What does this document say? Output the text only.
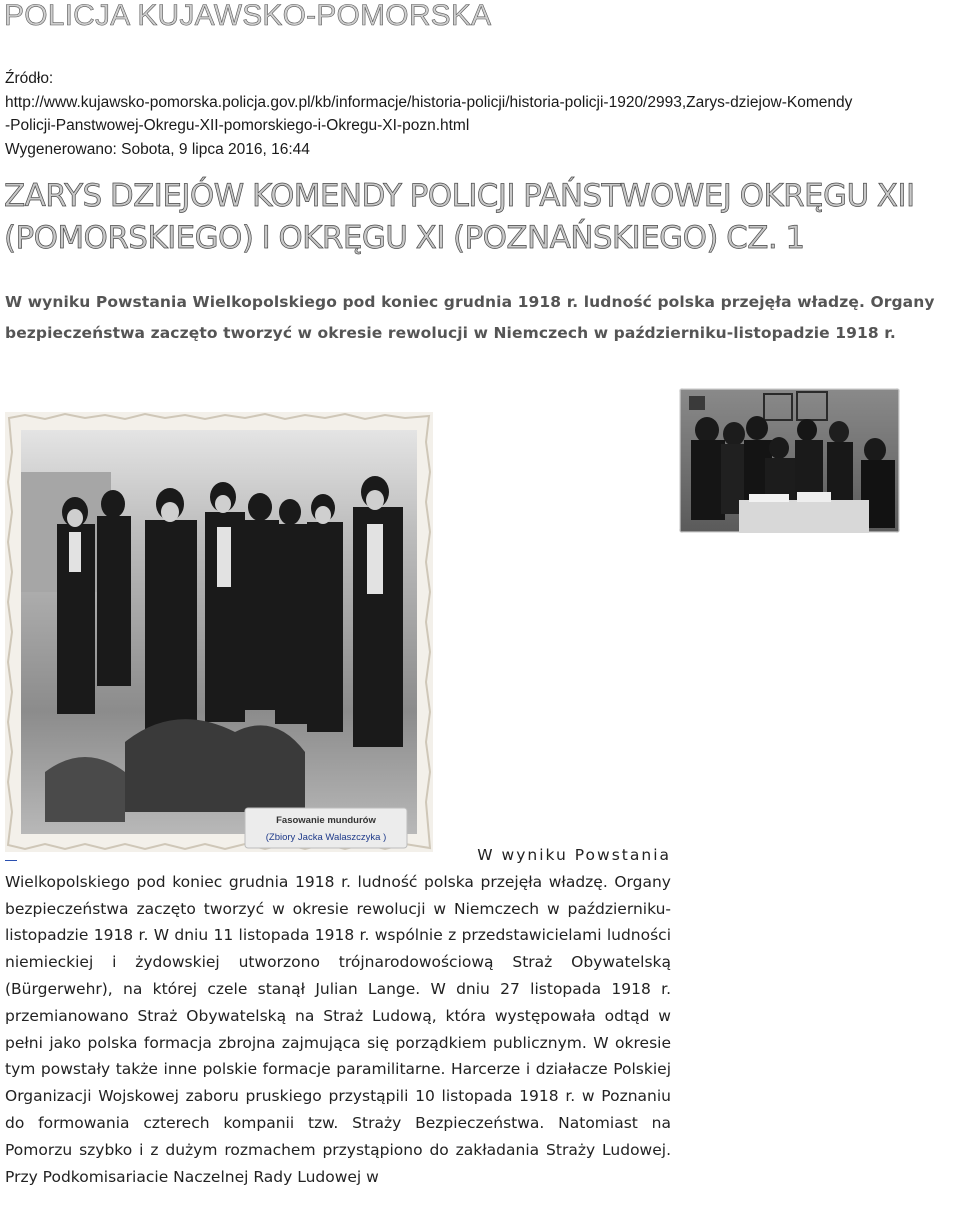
POLICJA KUJAWSKO-POMORSKA
Źródło:
http://www.kujawsko-pomorska.policja.gov.pl/kb/informacje/historia-policji/historia-policji-1920/2993,Zarys-dziejow-Komendy
-Policji-Panstwowej-Okregu-XII-pomorskiego-i-Okregu-XI-pozn.html
Wygenerowano: Sobota, 9 lipca 2016, 16:44
ZARYS DZIEJÓW KOMENDY POLICJI PAŃSTWOWEJ OKRĘGU XII (POMORSKIEGO) I OKRĘGU XI (POZNAŃSKIEGO) CZ. 1
W wyniku Powstania Wielkopolskiego pod koniec grudnia 1918 r. ludność polska przejęła władzę. Organy bezpieczeństwa zaczęto tworzyć w okresie rewolucji w Niemczech w październiku-listopadzie 1918 r.
Fasowanie mundurów
(Zbiory Jacka Walaszczyka )
W wyniku Powstania
Wielkopolskiego pod koniec grudnia 1918 r. ludność polska przejęła władzę. Organy bezpieczeństwa zaczęto tworzyć w okresie rewolucji w Niemczech w październiku-listopadzie 1918 r. W dniu 11 listopada 1918 r. wspólnie z przedstawicielami ludności niemieckiej i żydowskiej utworzono trójnarodowościową Straż Obywatelską (Bürgerwehr), na której czele stanął Julian Lange. W dniu 27 listopada 1918 r. przemianowano Straż Obywatelską na Straż Ludową, która występowała odtąd w pełni jako polska formacja zbrojna zajmująca się porządkiem publicznym. W okresie tym powstały także inne polskie formacje paramilitarne. Harcerze i działacze Polskiej Organizacji Wojskowej zaboru pruskiego przystąpili 10 listopada 1918 r. w Poznaniu do formowania czterech kompanii tzw. Straży Bezpieczeństwa. Natomiast na Pomorzu szybko i z dużym rozmachem przystąpiono do zakładania Straży Ludowej. Przy Podkomisariacie Naczelnej Rady Ludowej w
